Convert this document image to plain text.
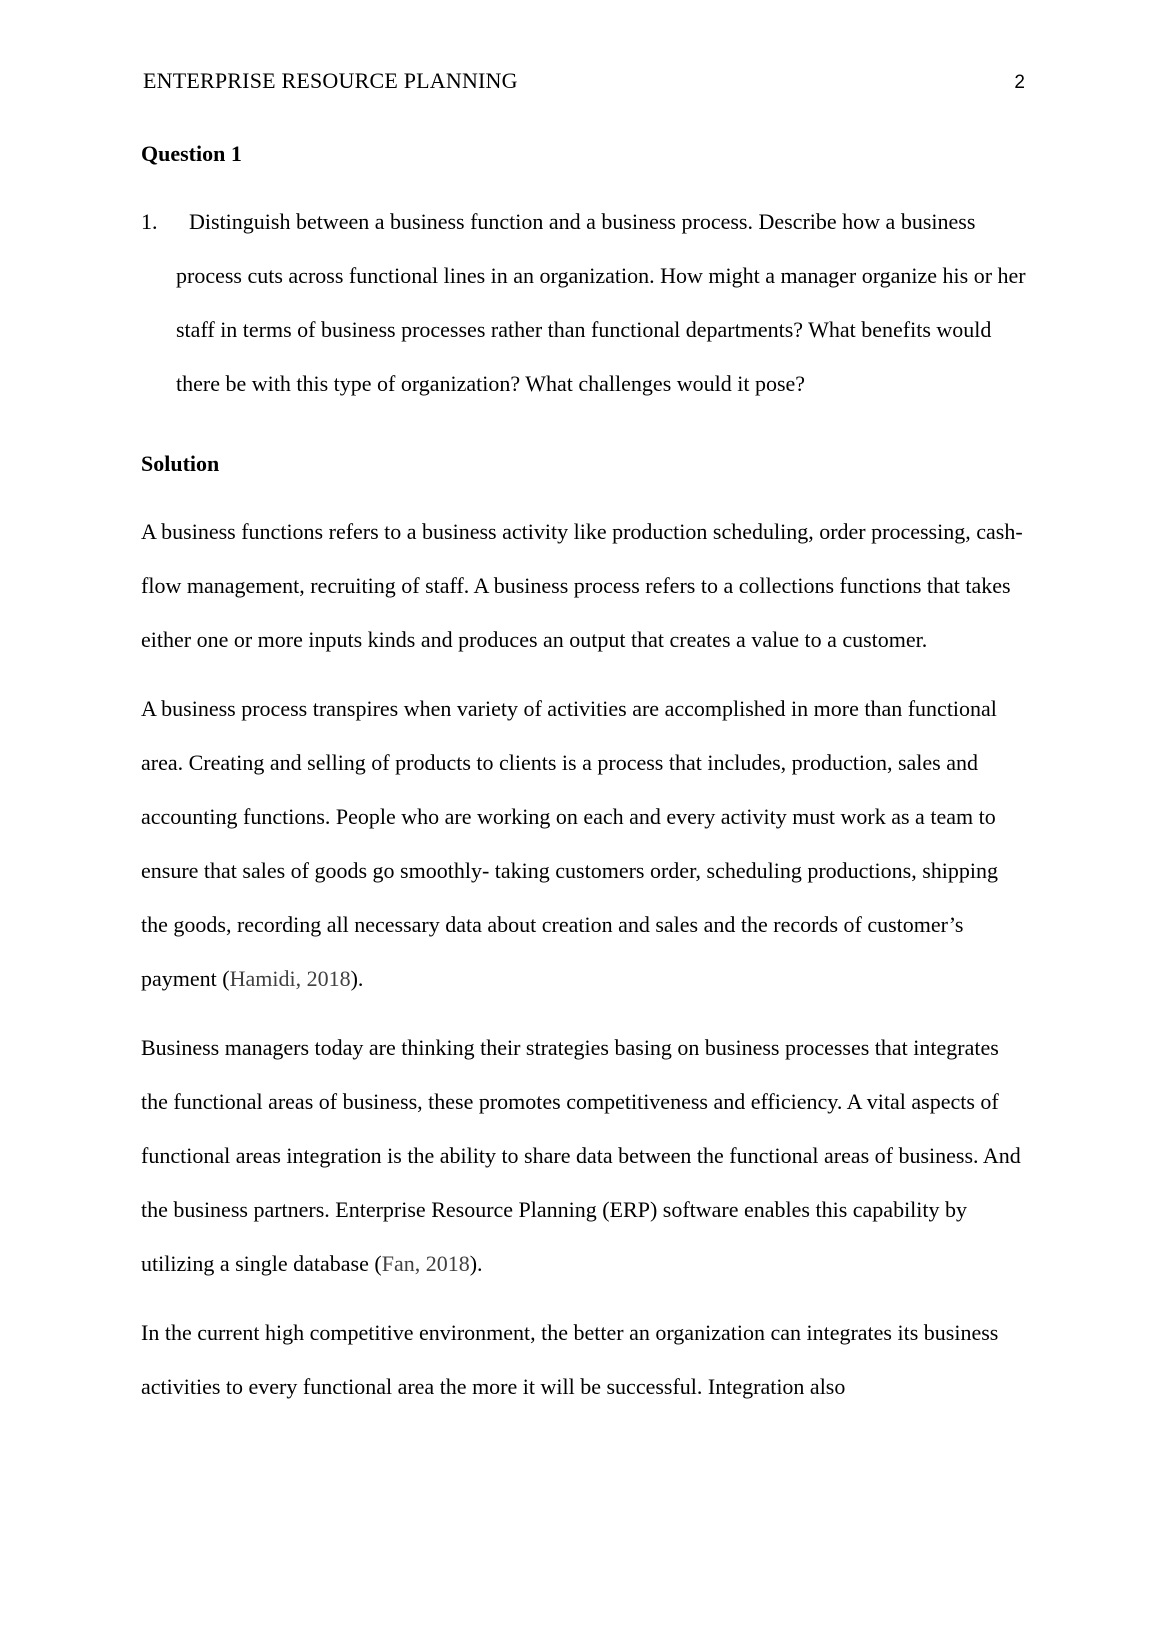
ENTERPRISE RESOURCE PLANNING	2

Question 1

1.	Distinguish between a business function and a business process. Describe how a business process cuts across functional lines in an organization. How might a manager organize his or her staff in terms of business processes rather than functional departments? What benefits would there be with this type of organization? What challenges would it pose?

Solution

A business functions refers to a business activity like production scheduling, order processing, cash- flow management, recruiting of staff. A business process refers to a collections functions that takes either one or more inputs kinds and produces an output that creates a value to a customer.

A business process transpires when variety of activities are accomplished in more than functional area. Creating and selling of products to clients is a process that includes, production, sales and accounting functions. People who are working on each and every activity must work as a team to ensure that sales of goods go smoothly- taking customers order, scheduling productions, shipping the goods, recording all necessary data about creation and sales and the records of customer’s payment (Hamidi, 2018).

Business managers today are thinking their strategies basing on business processes that integrates the functional areas of business, these promotes competitiveness and efficiency. A vital aspects of functional areas integration is the ability to share data between the functional areas of business. And the business partners. Enterprise Resource Planning (ERP) software enables this capability by utilizing a single database (Fan, 2018).

In the current high competitive environment, the better an organization can integrates its business activities to every functional area the more it will be successful. Integration also
